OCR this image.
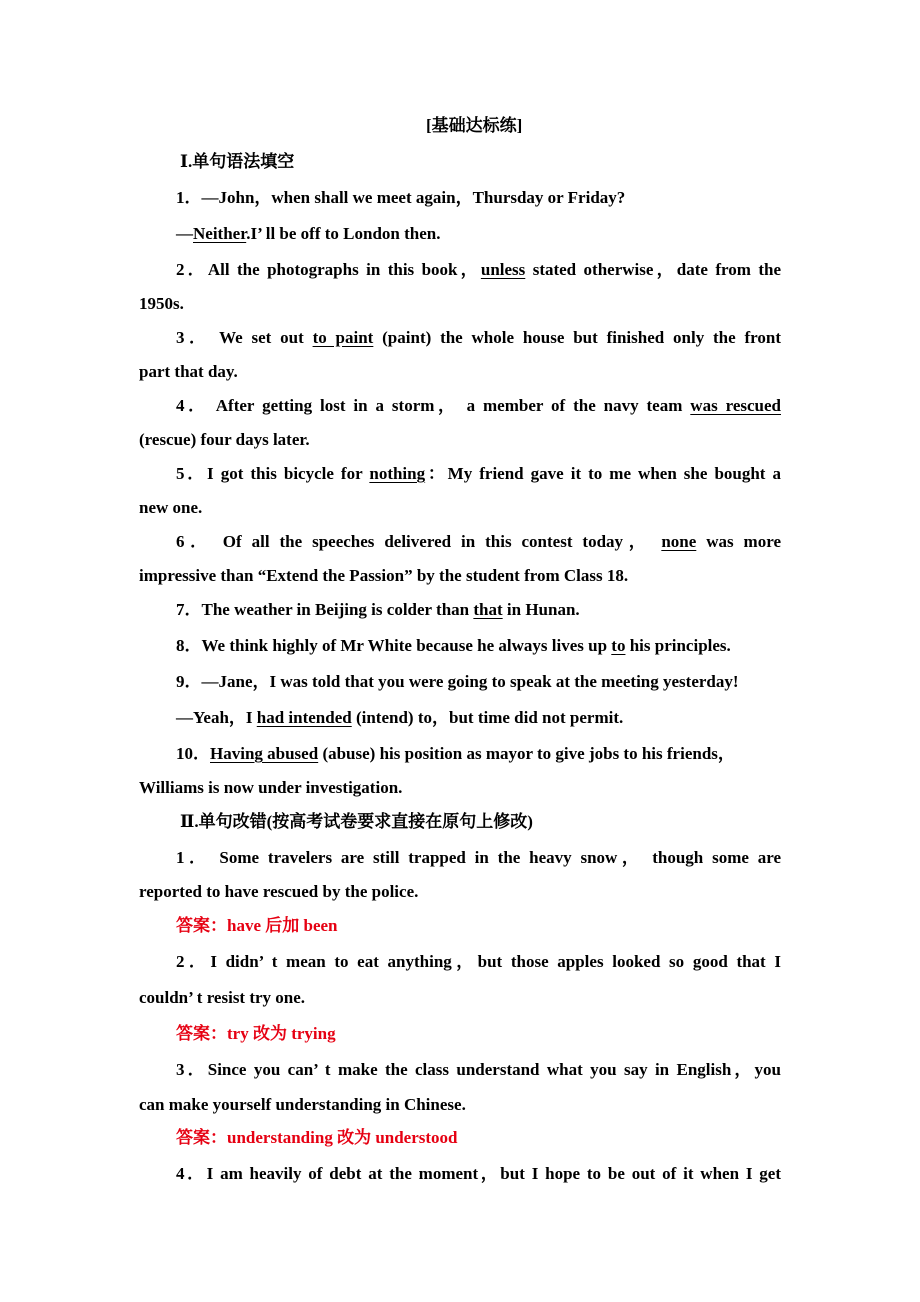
[基础达标练]
Ⅰ.单句语法填空
1．—John，when shall we meet again，Thursday or Friday?
—Neither.I’ ll be off to London then.
2．All the photographs in this book，unless stated otherwise，date from the
1950s.
3． We set out to paint (paint) the whole house but finished only the front
part that day.
4． After getting lost in a storm， a member of the navy team was rescued
(rescue) four days later.
5．I got this bicycle for nothing：My friend gave it to me when she bought a
new one.
6． Of all the speeches delivered in this contest today， none was more
impressive than “Extend the Passion” by the student from Class 18.
7．The weather in Beijing is colder than that in Hunan.
8．We think highly of Mr White because he always lives up to his principles.
9．—Jane，I was told that you were going to speak at the meeting yesterday!
—Yeah，I had intended (intend) to，but time did not permit.
10．Having abused (abuse) his position as mayor to give jobs to his friends，
Williams is now under investigation.
Ⅱ.单句改错(按高考试卷要求直接在原句上修改)
1． Some travelers are still trapped in the heavy snow， though some are
reported to have rescued by the police.
答案：have 后加 been
2．I didn’ t mean to eat anything，but those apples looked so good that I
couldn’ t resist try one.
答案：try 改为 trying
3．Since you can’ t make the class understand what you say in English，you
can make yourself understanding in Chinese.
答案：understanding 改为 understood
4．I am heavily of debt at the moment，but I hope to be out of it when I get
